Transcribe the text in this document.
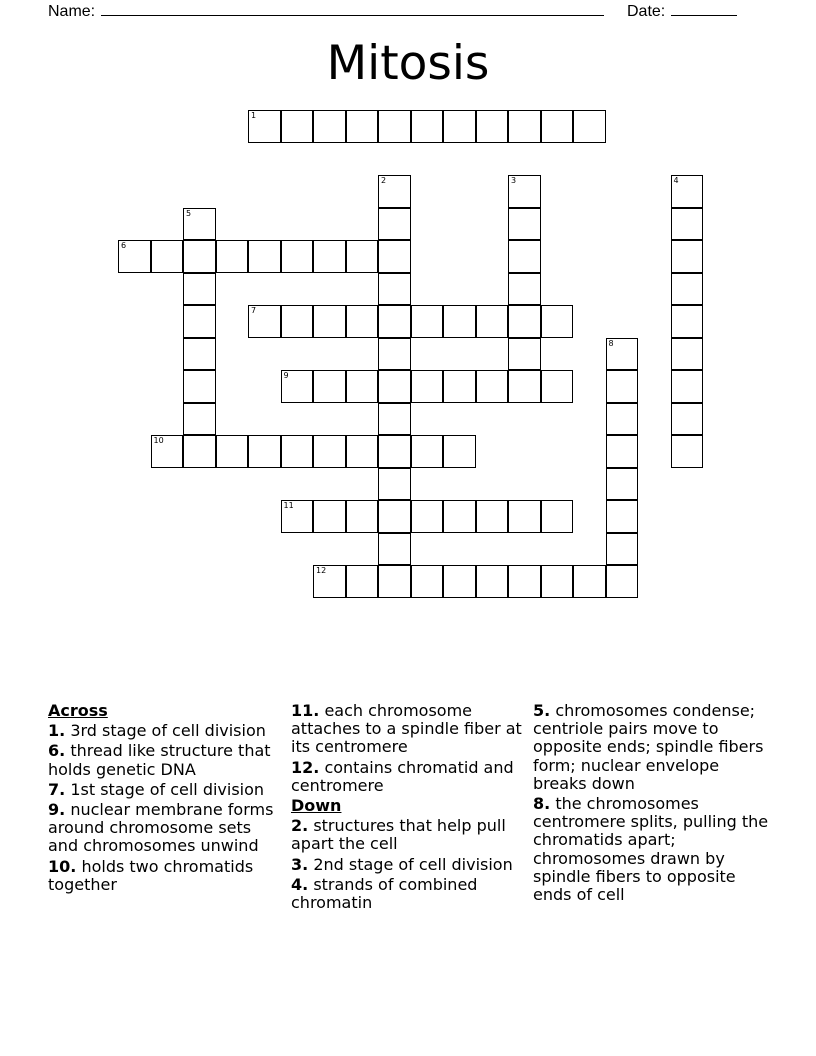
Name:	Date:
Mitosis
1
2	3	4
5
6
7
8
9
10
11
12
Across
1. 3rd stage of cell division
6. thread like structure that holds genetic DNA
7. 1st stage of cell division
9. nuclear membrane forms around chromosome sets and chromosomes unwind
10. holds two chromatids together
11. each chromosome attaches to a spindle fiber at its centromere
12. contains chromatid and centromere
Down
2. structures that help pull apart the cell
3. 2nd stage of cell division
4. strands of combined chromatin
5. chromosomes condense; centriole pairs move to opposite ends; spindle fibers form; nuclear envelope breaks down
8. the chromosomes centromere splits, pulling the chromatids apart; chromosomes drawn by spindle fibers to opposite ends of cell
